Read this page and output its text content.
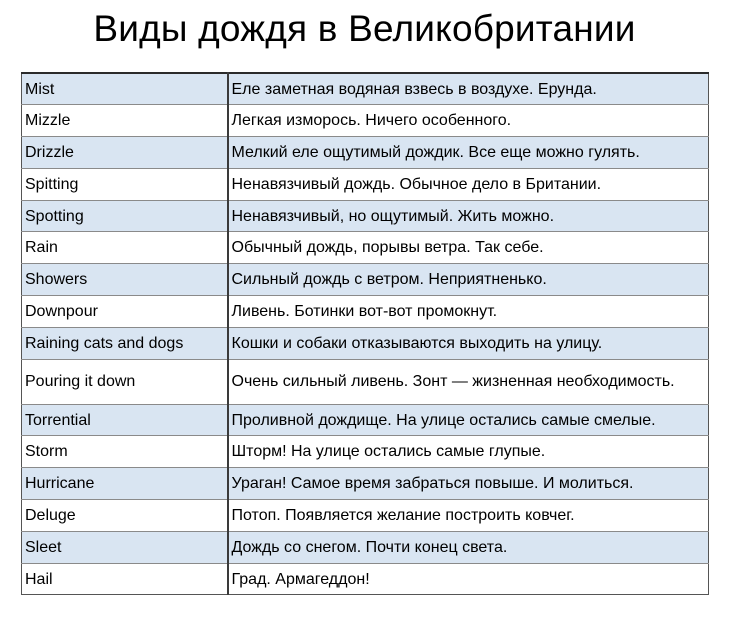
Виды дождя в Великобритании
Mist	Еле заметная водяная взвесь в воздухе. Ерунда.
Mizzle	Легкая изморось. Ничего особенного.
Drizzle	Мелкий еле ощутимый дождик. Все еще можно гулять.
Spitting	Ненавязчивый дождь. Обычное дело в Британии.
Spotting	Ненавязчивый, но ощутимый. Жить можно.
Rain	Обычный дождь, порывы ветра. Так себе.
Showers	Сильный дождь с ветром. Неприятненько.
Downpour	Ливень. Ботинки вот-вот промокнут.
Raining cats and dogs	Кошки и собаки отказываются выходить на улицу.
Pouring it down	Очень сильный ливень. Зонт — жизненная необходимость.
Torrential	Проливной дождище. На улице остались самые смелые.
Storm	Шторм! На улице остались самые глупые.
Hurricane	Ураган! Самое время забраться повыше. И молиться.
Deluge	Потоп. Появляется желание построить ковчег.
Sleet	Дождь со снегом. Почти конец света.
Hail	Град. Армагеддон!
